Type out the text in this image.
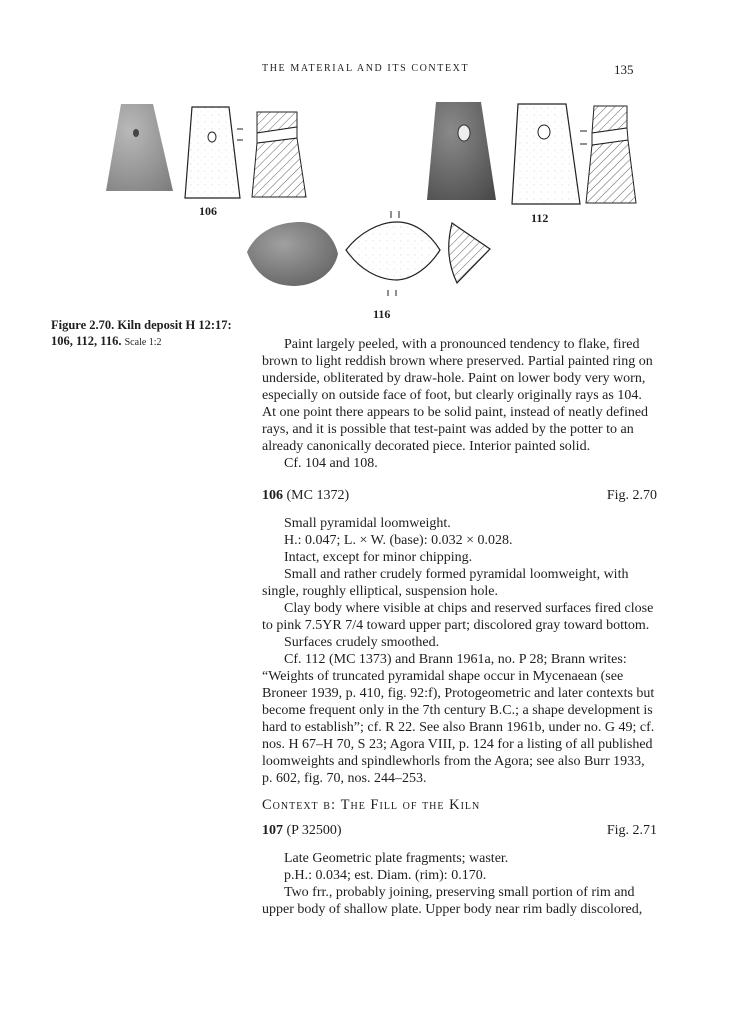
THE MATERIAL AND ITS CONTEXT	135
106	112
116
Figure 2.70. Kiln deposit H 12:17:
106, 112, 116. Scale 1:2	Paint largely peeled, with a pronounced tendency to flake, fired brown to light reddish brown where preserved. Partial painted ring on underside, obliterated by draw-hole. Paint on lower body very worn, especially on outside face of foot, but clearly originally rays as 104. At one point there appears to be solid paint, instead of neatly defined rays, and it is possible that test-paint was added by the potter to an already canonically decorated piece. Interior painted solid.

Cf. 104 and 108.

106 (MC 1372)	Fig. 2.70

Small pyramidal loomweight.

H.: 0.047; L. × W. (base): 0.032 × 0.028.

Intact, except for minor chipping.

Small and rather crudely formed pyramidal loomweight, with single, roughly elliptical, suspension hole.

Clay body where visible at chips and reserved surfaces fired close to pink 7.5YR 7/4 toward upper part; discolored gray toward bottom.

Surfaces crudely smoothed.

Cf. 112 (MC 1373) and Brann 1961a, no. P 28; Brann writes: “Weights of truncated pyramidal shape occur in Mycenaean (see Broneer 1939, p. 410, fig. 92:f), Protogeometric and later contexts but become frequent only in the 7th century B.C.; a shape development is hard to establish”; cf. R 22. See also Brann 1961b, under no. G 49; cf. nos. H 67–H 70, S 23; Agora VIII, p. 124 for a listing of all published loomweights and spindlewhorls from the Agora; see also Burr 1933, p. 602, fig. 70, nos. 244–253.

Context β: The Fill of the Kiln
107 (P 32500)	Fig. 2.71

Late Geometric plate fragments; waster.

p.H.: 0.034; est. Diam. (rim): 0.170.

Two frr., probably joining, preserving small portion of rim and upper body of shallow plate. Upper body near rim badly discolored,
